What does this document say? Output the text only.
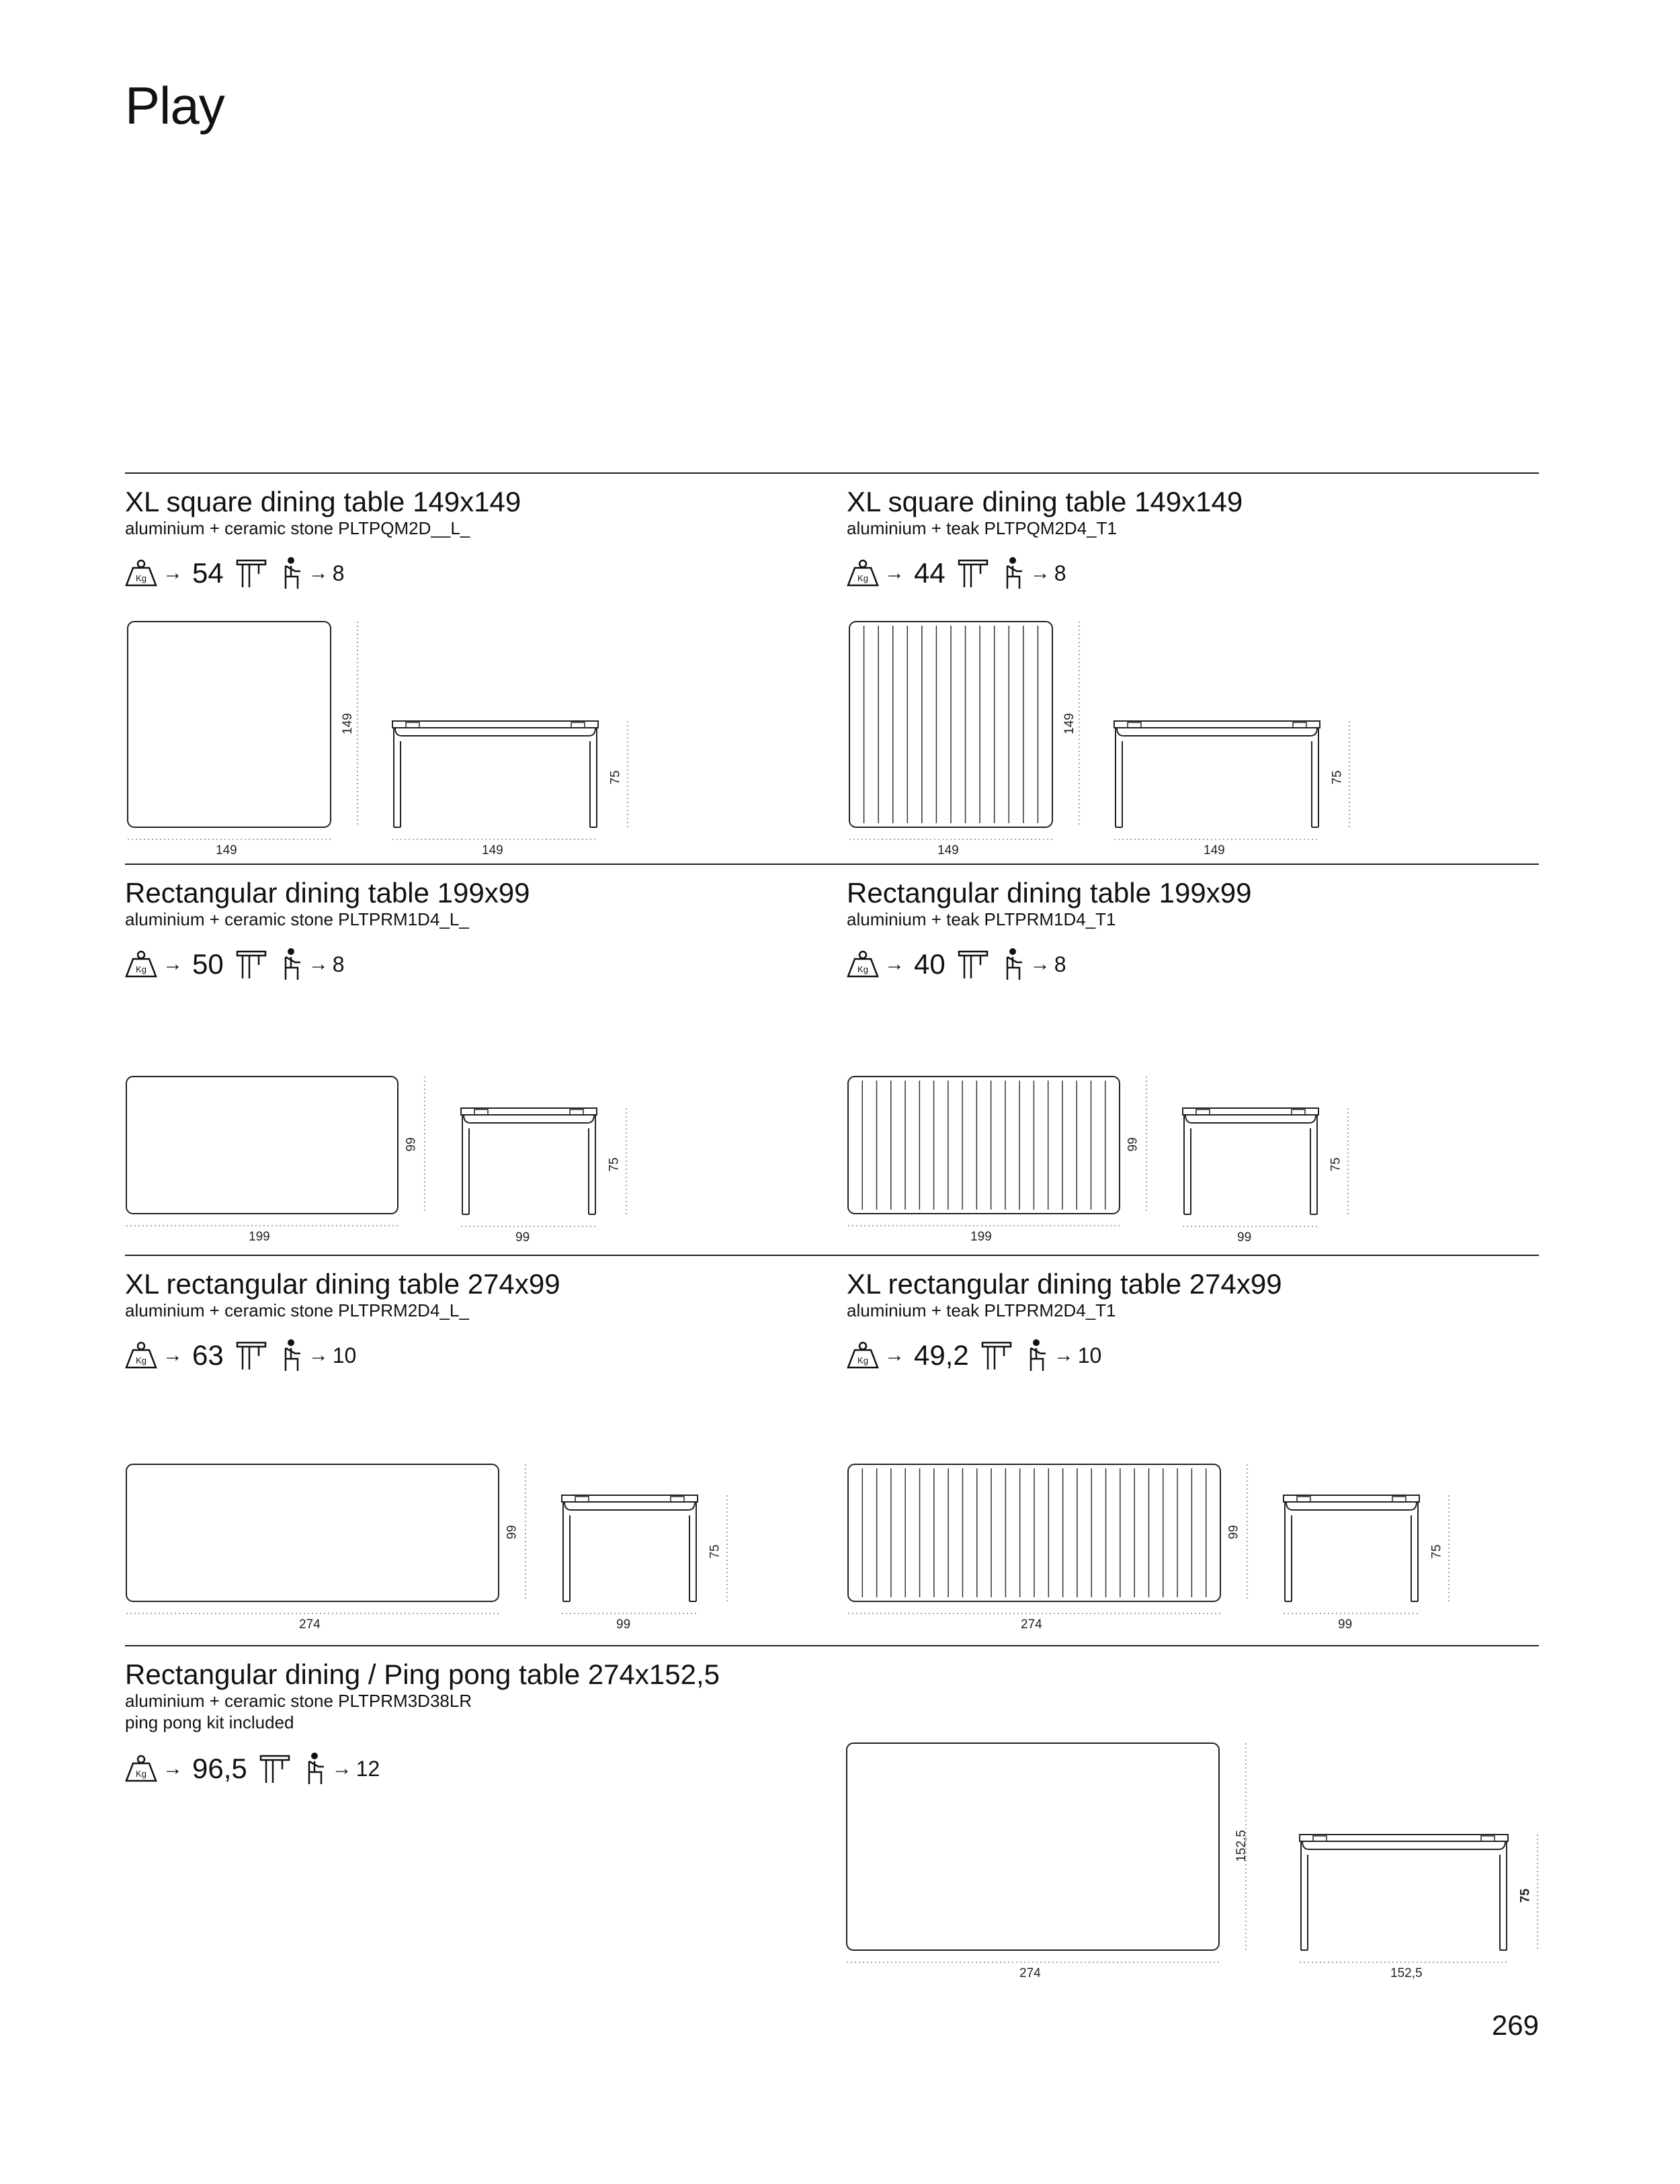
Play
XL square dining table 149x149
aluminium + ceramic stone PLTPQM2D__L_
Kg → 54	→ 8
149
149
149
75
XL square dining table 149x149
aluminium + teak PLTPQM2D4_T1
Kg → 44	→ 8
149
149
149
75
Rectangular dining table 199x99
aluminium + ceramic stone PLTPRM1D4_L_
Kg → 50	→ 8
199
99
99
75
Rectangular dining table 199x99
aluminium + teak PLTPRM1D4_T1
Kg → 40	→ 8
199
99
99
75
XL rectangular dining table 274x99
aluminium + ceramic stone PLTPRM2D4_L_
Kg → 63	→ 10
274
99
99
75
XL rectangular dining table 274x99
aluminium + teak PLTPRM2D4_T1
Kg → 49,2	→ 10
274
99
99
75
Rectangular dining / Ping pong table 274x152,5
aluminium + ceramic stone PLTPRM3D38LR
ping pong kit included
Kg → 96,5	→ 12
274
152,5
152,5
75
269
